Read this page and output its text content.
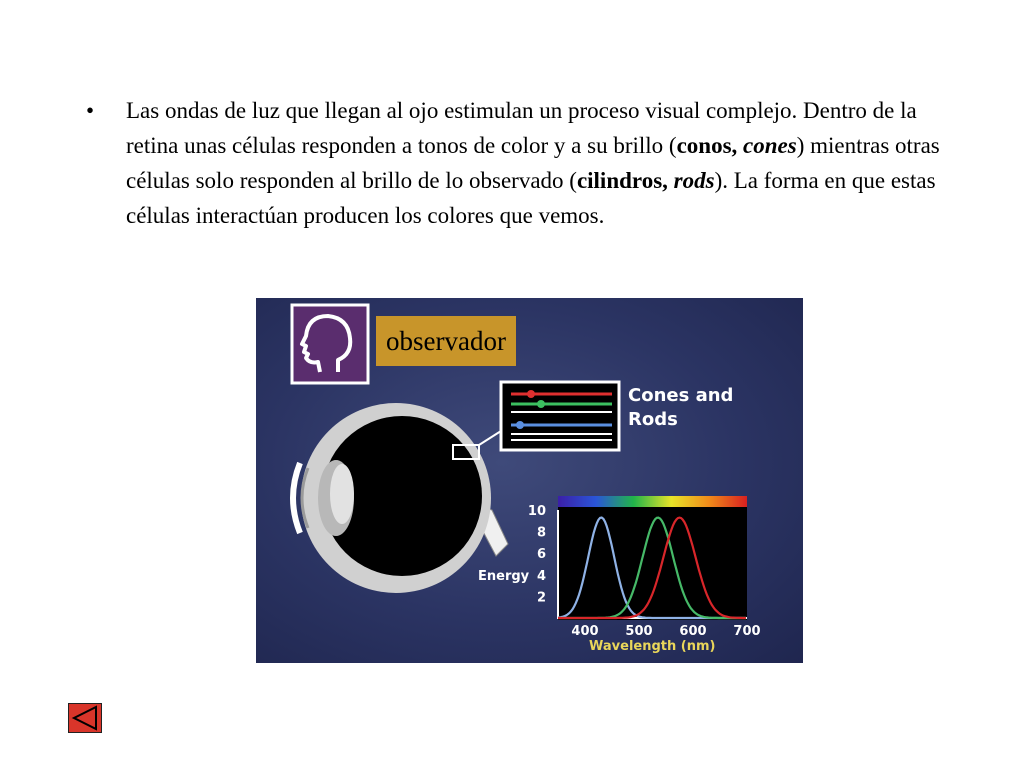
• Las ondas de luz que llegan al ojo estimulan un proceso visual complejo. Dentro de la retina unas células responden a tonos de color y a su brillo (conos, cones) mientras otras células solo responden al brillo de lo observado (cilindros, rods). La forma en que estas células interactúan producen los colores que vemos.

Cones and
Rods
10
8
6
4
2
400 500 600 700
Energy
Wavelength (nm)
observador
